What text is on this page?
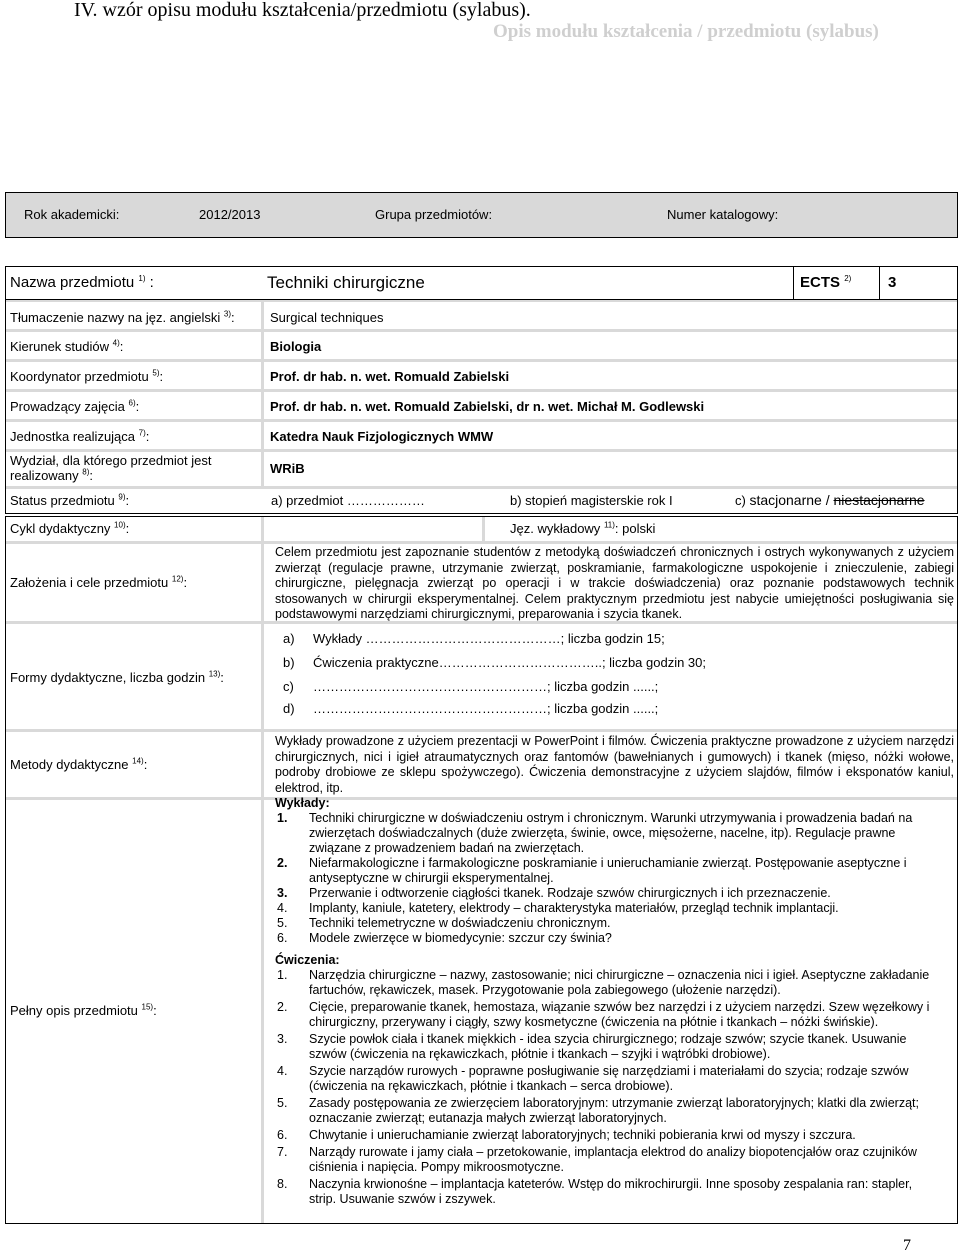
IV. wzór opisu modułu kształcenia/przedmiotu (sylabus).
Opis modułu kształcenia / przedmiotu (sylabus)
Rok akademicki:	2012/2013	Grupa przedmiotów:	Numer katalogowy:
Nazwa przedmiotu $^{1)}$ :	Techniki chirurgiczne	ECTS $^{2)}$ 3
Tłumaczenie nazwy na jęz. angielski $^{3)}$:	Surgical techniques
Kierunek studiów $^{4)}$:	Biologia
Koordynator przedmiotu $^{5)}$:	Prof. dr hab. n. wet. Romuald Zabielski
Prowadzący zajęcia $^{6)}$:	Prof. dr hab. n. wet. Romuald Zabielski, dr n. wet. Michał M. Godlewski
Jednostka realizująca $^{7)}$:	Katedra Nauk Fizjologicznych WMW
Wydział, dla którego przedmiot jest
realizowany $^{8)}$:	WRiB
Status przedmiotu $^{9)}$:	a) przedmiot ………………	b) stopień magisterskie rok I	c) stacjonarne / niestacjonarne
Cykl dydaktyczny $^{10)}$:	Jęz. wykładowy $^{11)}$: polski
Założenia i cele przedmiotu $^{12)}$:
Celem przedmiotu jest zapoznanie studentów z metodyką doświadczeń chronicznych i ostrych wykonywanych z użyciem zwierząt (regulacje prawne, utrzymanie zwierząt, poskramianie, farmakologiczne uspokojenie i znieczulenie, zabiegi chirurgiczne, pielęgnacja zwierząt po operacji i w trakcie doświadczenia) oraz poznanie podstawowych technik stosowanych w chirurgii eksperymentalnej. Celem praktycznym przedmiotu jest nabycie umiejętności posługiwania się podstawowymi narzędziami chirurgicznymi, preparowania i szycia tkanek.
Formy dydaktyczne, liczba godzin $^{13)}$:
a) Wykłady ………………………………………; liczba godzin 15;
b) Ćwiczenia praktyczne………………………………..; liczba godzin 30;
c) ………………………………………………; liczba godzin ......;
d) ………………………………………………; liczba godzin ......;
Metody dydaktyczne $^{14)}$:
Wykłady prowadzone z użyciem prezentacji w PowerPoint i filmów. Ćwiczenia praktyczne prowadzone z użyciem narzędzi chirurgicznych, nici i igieł atraumatycznych oraz fantomów (bawełnianych i gumowych) i tkanek (mięso, nóżki wołowe, podroby drobiowe ze sklepu spożywczego). Ćwiczenia demonstracyjne z użyciem slajdów, filmów i eksponatów kaniul, elektrod, itp.
Pełny opis przedmiotu $^{15)}$:
Wykłady:
1. Techniki chirurgiczne w doświadczeniu ostrym i chronicznym. Warunki utrzymywania i prowadzenia badań na zwierzętach doświadczalnych (duże zwierzęta, świnie, owce, mięsożerne, nacelne, itp). Regulacje prawne związane z prowadzeniem badań na zwierzętach.
2. Niefarmakologiczne i farmakologiczne poskramianie i unieruchamianie zwierząt. Postępowanie aseptyczne i antyseptyczne w chirurgii eksperymentalnej.
3. Przerwanie i odtworzenie ciągłości tkanek. Rodzaje szwów chirurgicznych i ich przeznaczenie.
4. Implanty, kaniule, katetery, elektrody – charakterystyka materiałów, przegląd technik implantacji.
5. Techniki telemetryczne w doświadczeniu chronicznym.
6. Modele zwierzęce w biomedycynie: szczur czy świnia?
Ćwiczenia:
1. Narzędzia chirurgiczne – nazwy, zastosowanie; nici chirurgiczne – oznaczenia nici i igieł. Aseptyczne zakładanie fartuchów, rękawiczek, masek. Przygotowanie pola zabiegowego (ułożenie narzędzi).
2. Cięcie, preparowanie tkanek, hemostaza, wiązanie szwów bez narzędzi i z użyciem narzędzi. Szew węzełkowy i chirurgiczny, przerywany i ciągły, szwy kosmetyczne (ćwiczenia na płótnie i tkankach – nóżki świńskie).
3. Szycie powłok ciała i tkanek miękkich - idea szycia chirurgicznego; rodzaje szwów; szycie tkanek. Usuwanie szwów (ćwiczenia na rękawiczkach, płótnie i tkankach – szyjki i wątróbki drobiowe).
4. Szycie narządów rurowych - poprawne posługiwanie się narzędziami i materiałami do szycia; rodzaje szwów (ćwiczenia na rękawiczkach, płótnie i tkankach – serca drobiowe).
5. Zasady postępowania ze zwierzęciem laboratoryjnym: utrzymanie zwierząt laboratoryjnych; klatki dla zwierząt; oznaczanie zwierząt; eutanazja małych zwierząt laboratoryjnych.
6. Chwytanie i unieruchamianie zwierząt laboratoryjnych; techniki pobierania krwi od myszy i szczura.
7. Narządy rurowate i jamy ciała – przetokowanie, implantacja elektrod do analizy biopotencjałów oraz czujników ciśnienia i napięcia. Pompy mikroosmotyczne.
8. Naczynia krwionośne – implantacja kateterów. Wstęp do mikrochirurgii. Inne sposoby zespalania ran: stapler, strip. Usuwanie szwów i zszywek.
7
